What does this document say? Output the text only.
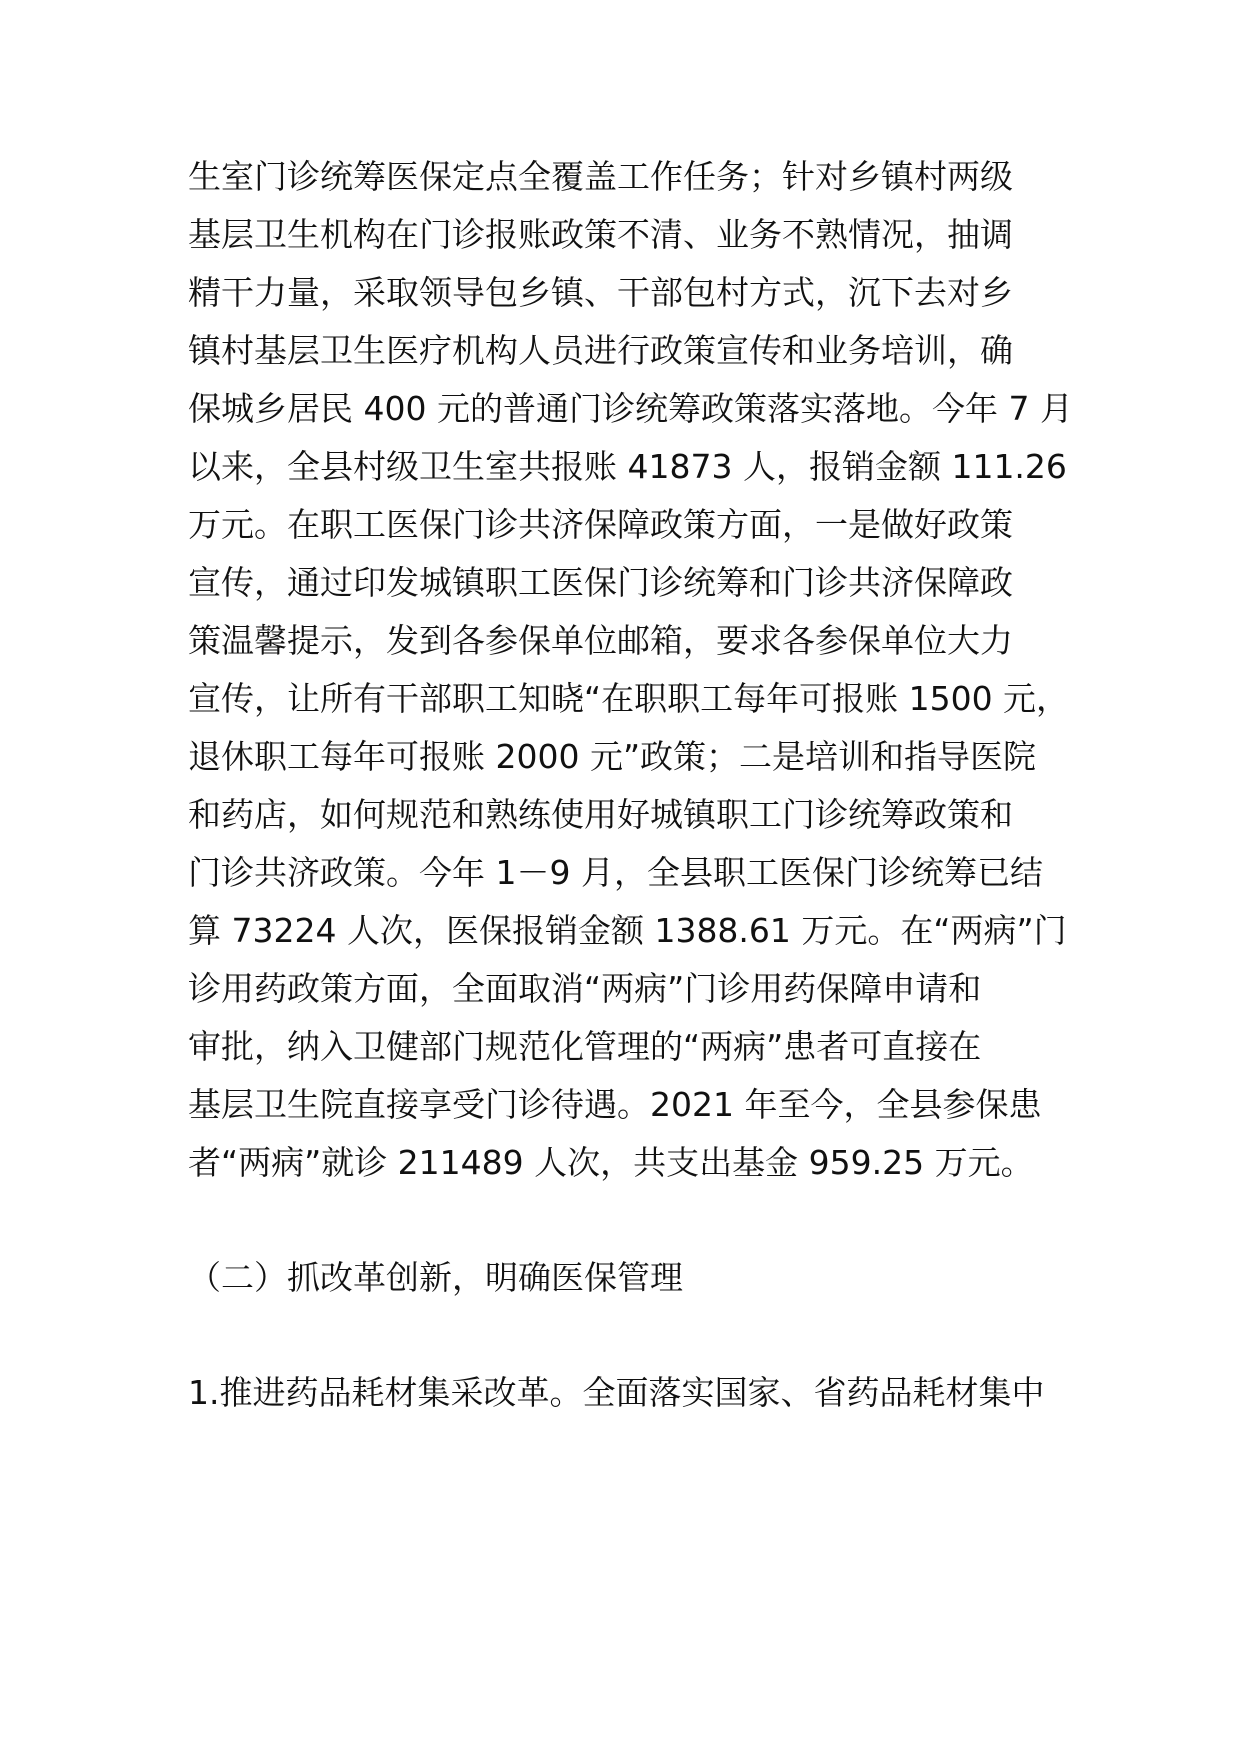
生室门诊统筹医保定点全覆盖工作任务；针对乡镇村两级
基层卫生机构在门诊报账政策不清、业务不熟情况，抽调
精干力量，采取领导包乡镇、干部包村方式，沉下去对乡
镇村基层卫生医疗机构人员进行政策宣传和业务培训，确
保城乡居民 400 元的普通门诊统筹政策落实落地。今年 7 月
以来，全县村级卫生室共报账 41873 人，报销金额 111.26
万元。在职工医保门诊共济保障政策方面，一是做好政策
宣传，通过印发城镇职工医保门诊统筹和门诊共济保障政
策温馨提示，发到各参保单位邮箱，要求各参保单位大力
宣传，让所有干部职工知晓“在职职工每年可报账 1500 元，
退休职工每年可报账 2000 元”政策；二是培训和指导医院
和药店，如何规范和熟练使用好城镇职工门诊统筹政策和
门诊共济政策。今年 1－9 月，全县职工医保门诊统筹已结
算 73224 人次，医保报销金额 1388.61 万元。在“两病”门
诊用药政策方面，全面取消“两病”门诊用药保障申请和
审批，纳入卫健部门规范化管理的“两病”患者可直接在
基层卫生院直接享受门诊待遇。2021 年至今，全县参保患
者“两病”就诊 211489 人次，共支出基金 959.25 万元。
（二）抓改革创新，明确医保管理
1.推进药品耗材集采改革。全面落实国家、省药品耗材集中
